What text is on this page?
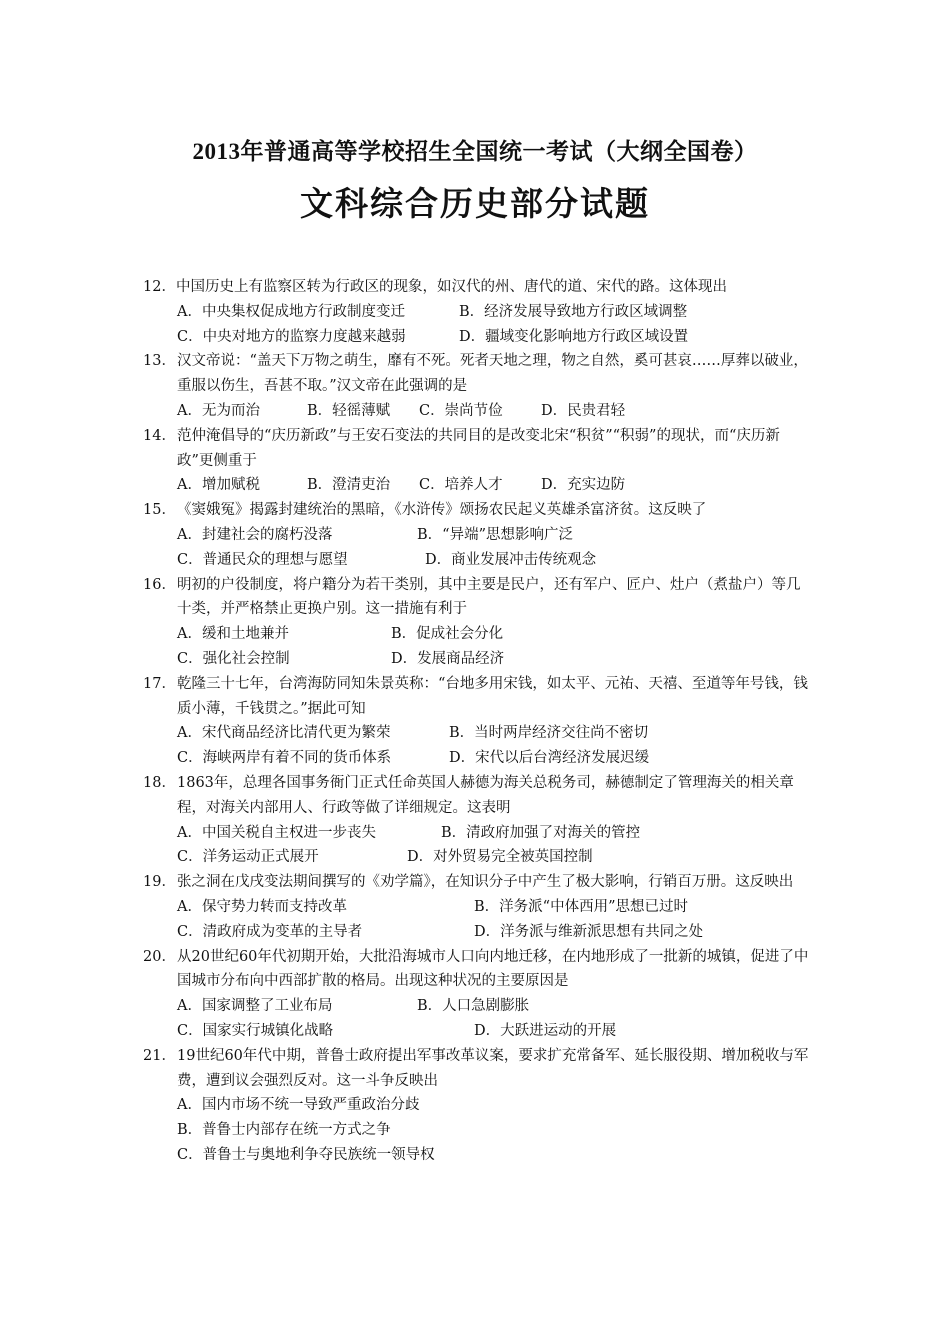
2013年普通高等学校招生全国统一考试（大纲全国卷）
文科综合历史部分试题
12．中国历史上有监察区转为行政区的现象，如汉代的州、唐代的道、宋代的路。这体现出
A．中央集权促成地方行政制度变迁	B．经济发展导致地方行政区域调整
C．中央对地方的监察力度越来越弱	D．疆域变化影响地方行政区域设置
13． 汉文帝说：“盖天下万物之萌生，靡有不死。死者天地之理，物之自然，奚可甚哀……厚葬以破业，重服以伤生，吾甚不取。”汉文帝在此强调的是
A．无为而治	B．轻徭薄赋	C．崇尚节俭	D．民贵君轻
14． 范仲淹倡导的“庆历新政”与王安石变法的共同目的是改变北宋“积贫”“积弱”的现状，而“庆历新政”更侧重于
A．增加赋税	B．澄清吏治	C．培养人才	D．充实边防
15． 《窦娥冤》揭露封建统治的黑暗，《水浒传》颂扬农民起义英雄杀富济贫。这反映了
A．封建社会的腐朽没落	B．“异端”思想影响广泛
C．普通民众的理想与愿望	D．商业发展冲击传统观念
16． 明初的户役制度，将户籍分为若干类别，其中主要是民户，还有军户、匠户、灶户（煮盐户）等几十类，并严格禁止更换户别。这一措施有利于
A．缓和土地兼并	B．促成社会分化
C．强化社会控制	D．发展商品经济
17． 乾隆三十七年，台湾海防同知朱景英称：“台地多用宋钱，如太平、元祐、天禧、至道等年号钱，钱质小薄，千钱贯之。”据此可知
A．宋代商品经济比清代更为繁荣	B．当时两岸经济交往尚不密切
C．海峡两岸有着不同的货币体系	D．宋代以后台湾经济发展迟缓
18． 1863年，总理各国事务衙门正式任命英国人赫德为海关总税务司，赫德制定了管理海关的相关章程，对海关内部用人、行政等做了详细规定。这表明
A．中国关税自主权进一步丧失	B．清政府加强了对海关的管控
C．洋务运动正式展开	D．对外贸易完全被英国控制
19． 张之洞在戊戌变法期间撰写的《劝学篇》，在知识分子中产生了极大影响，行销百万册。这反映出
A．保守势力转而支持改革	B．洋务派“中体西用”思想已过时
C．清政府成为变革的主导者	D．洋务派与维新派思想有共同之处
20． 从20世纪60年代初期开始，大批沿海城市人口向内地迁移，在内地形成了一批新的城镇，促进了中国城市分布向中西部扩散的格局。出现这种状况的主要原因是
A．国家调整了工业布局	B．人口急剧膨胀
C．国家实行城镇化战略	D．大跃进运动的开展
21． 19世纪60年代中期，普鲁士政府提出军事改革议案，要求扩充常备军、延长服役期、增加税收与军费，遭到议会强烈反对。这一斗争反映出
A．国内市场不统一导致严重政治分歧
B．普鲁士内部存在统一方式之争
C．普鲁士与奥地利争夺民族统一领导权
